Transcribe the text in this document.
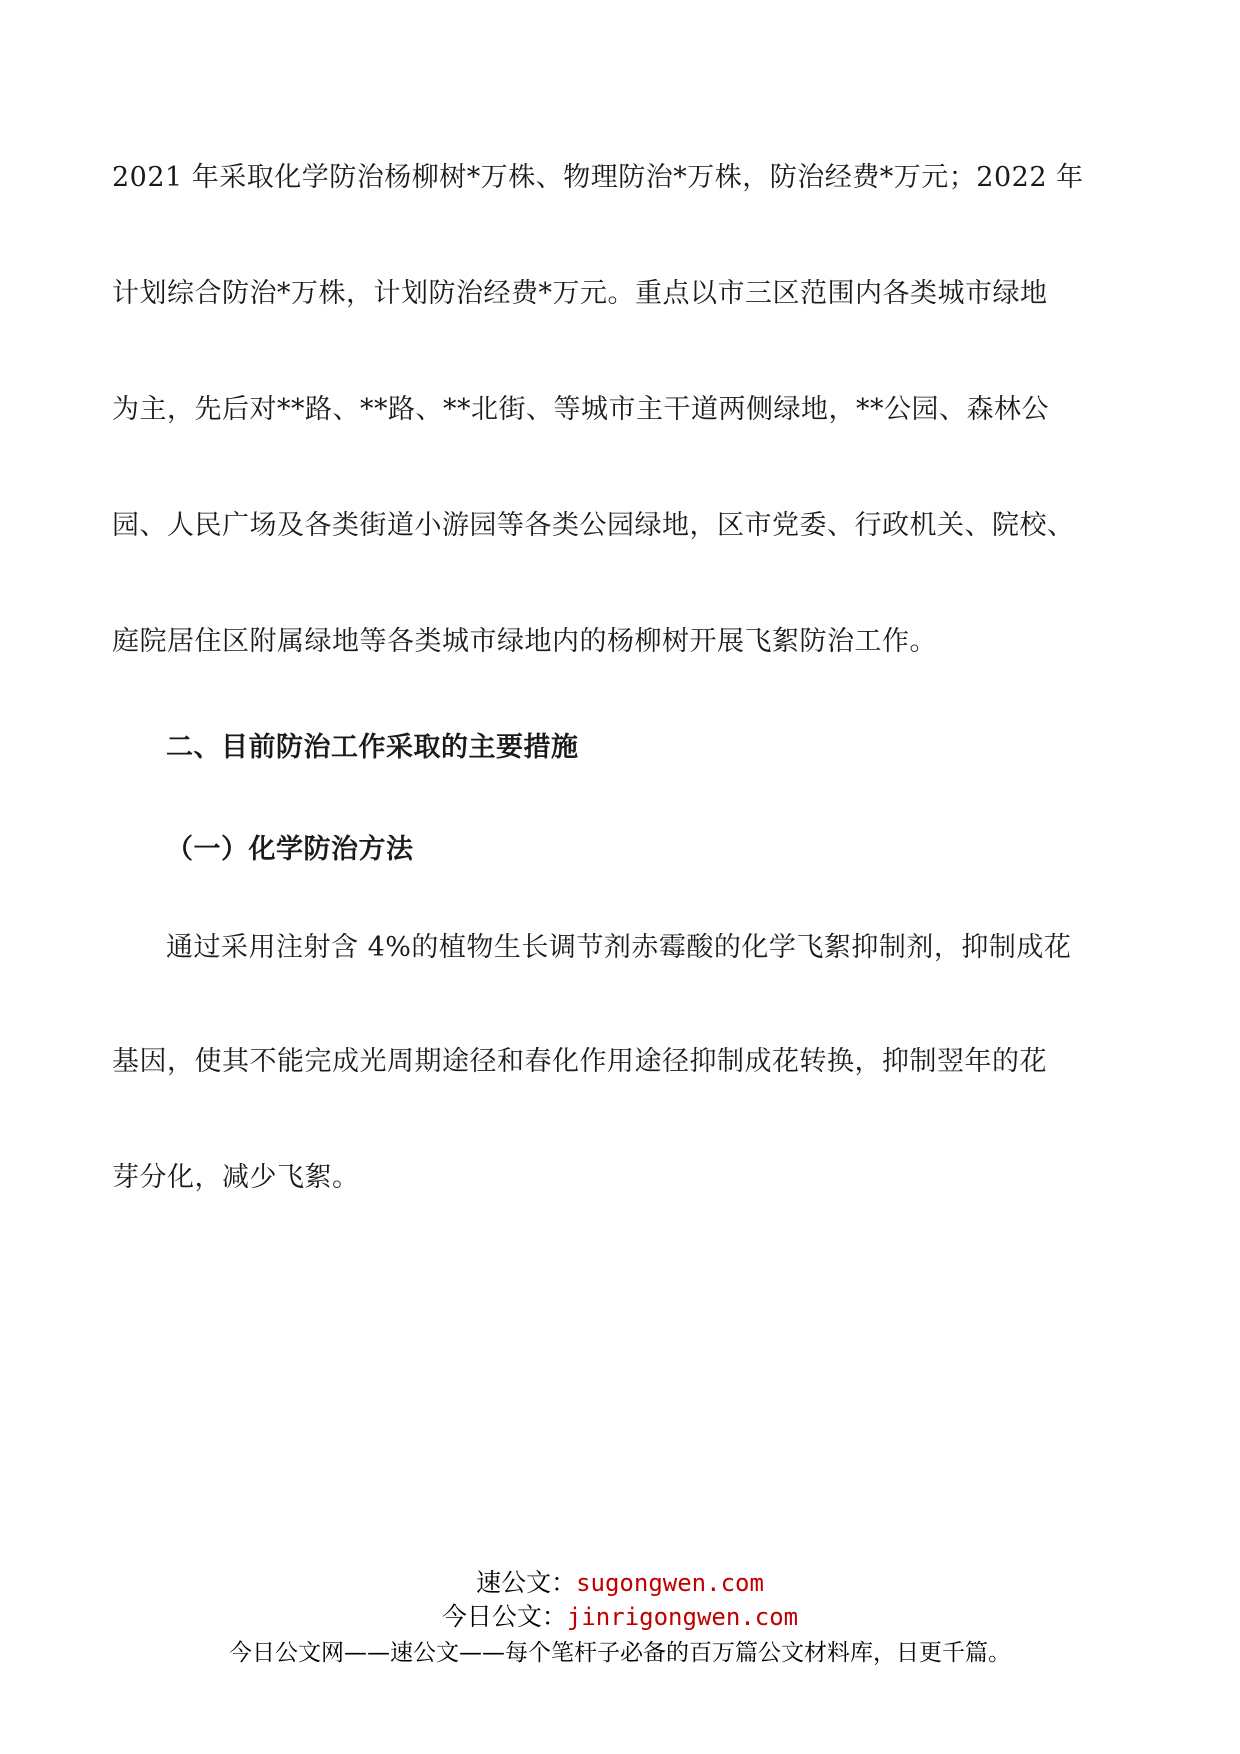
2021 年采取化学防治杨柳树*万株、物理防治*万株，防治经费*万元；2022 年
计划综合防治*万株，计划防治经费*万元。重点以市三区范围内各类城市绿地
为主，先后对**路、**路、**北街、等城市主干道两侧绿地，**公园、森林公
园、人民广场及各类街道小游园等各类公园绿地，区市党委、行政机关、院校、
庭院居住区附属绿地等各类城市绿地内的杨柳树开展飞絮防治工作。
二、目前防治工作采取的主要措施
（一）化学防治方法
通过采用注射含 4%的植物生长调节剂赤霉酸的化学飞絮抑制剂，抑制成花
基因，使其不能完成光周期途径和春化作用途径抑制成花转换，抑制翌年的花
芽分化，减少飞絮。
速公文：sugongwen.com
今日公文：jinrigongwen.com
今日公文网——速公文——每个笔杆子必备的百万篇公文材料库，日更千篇。
